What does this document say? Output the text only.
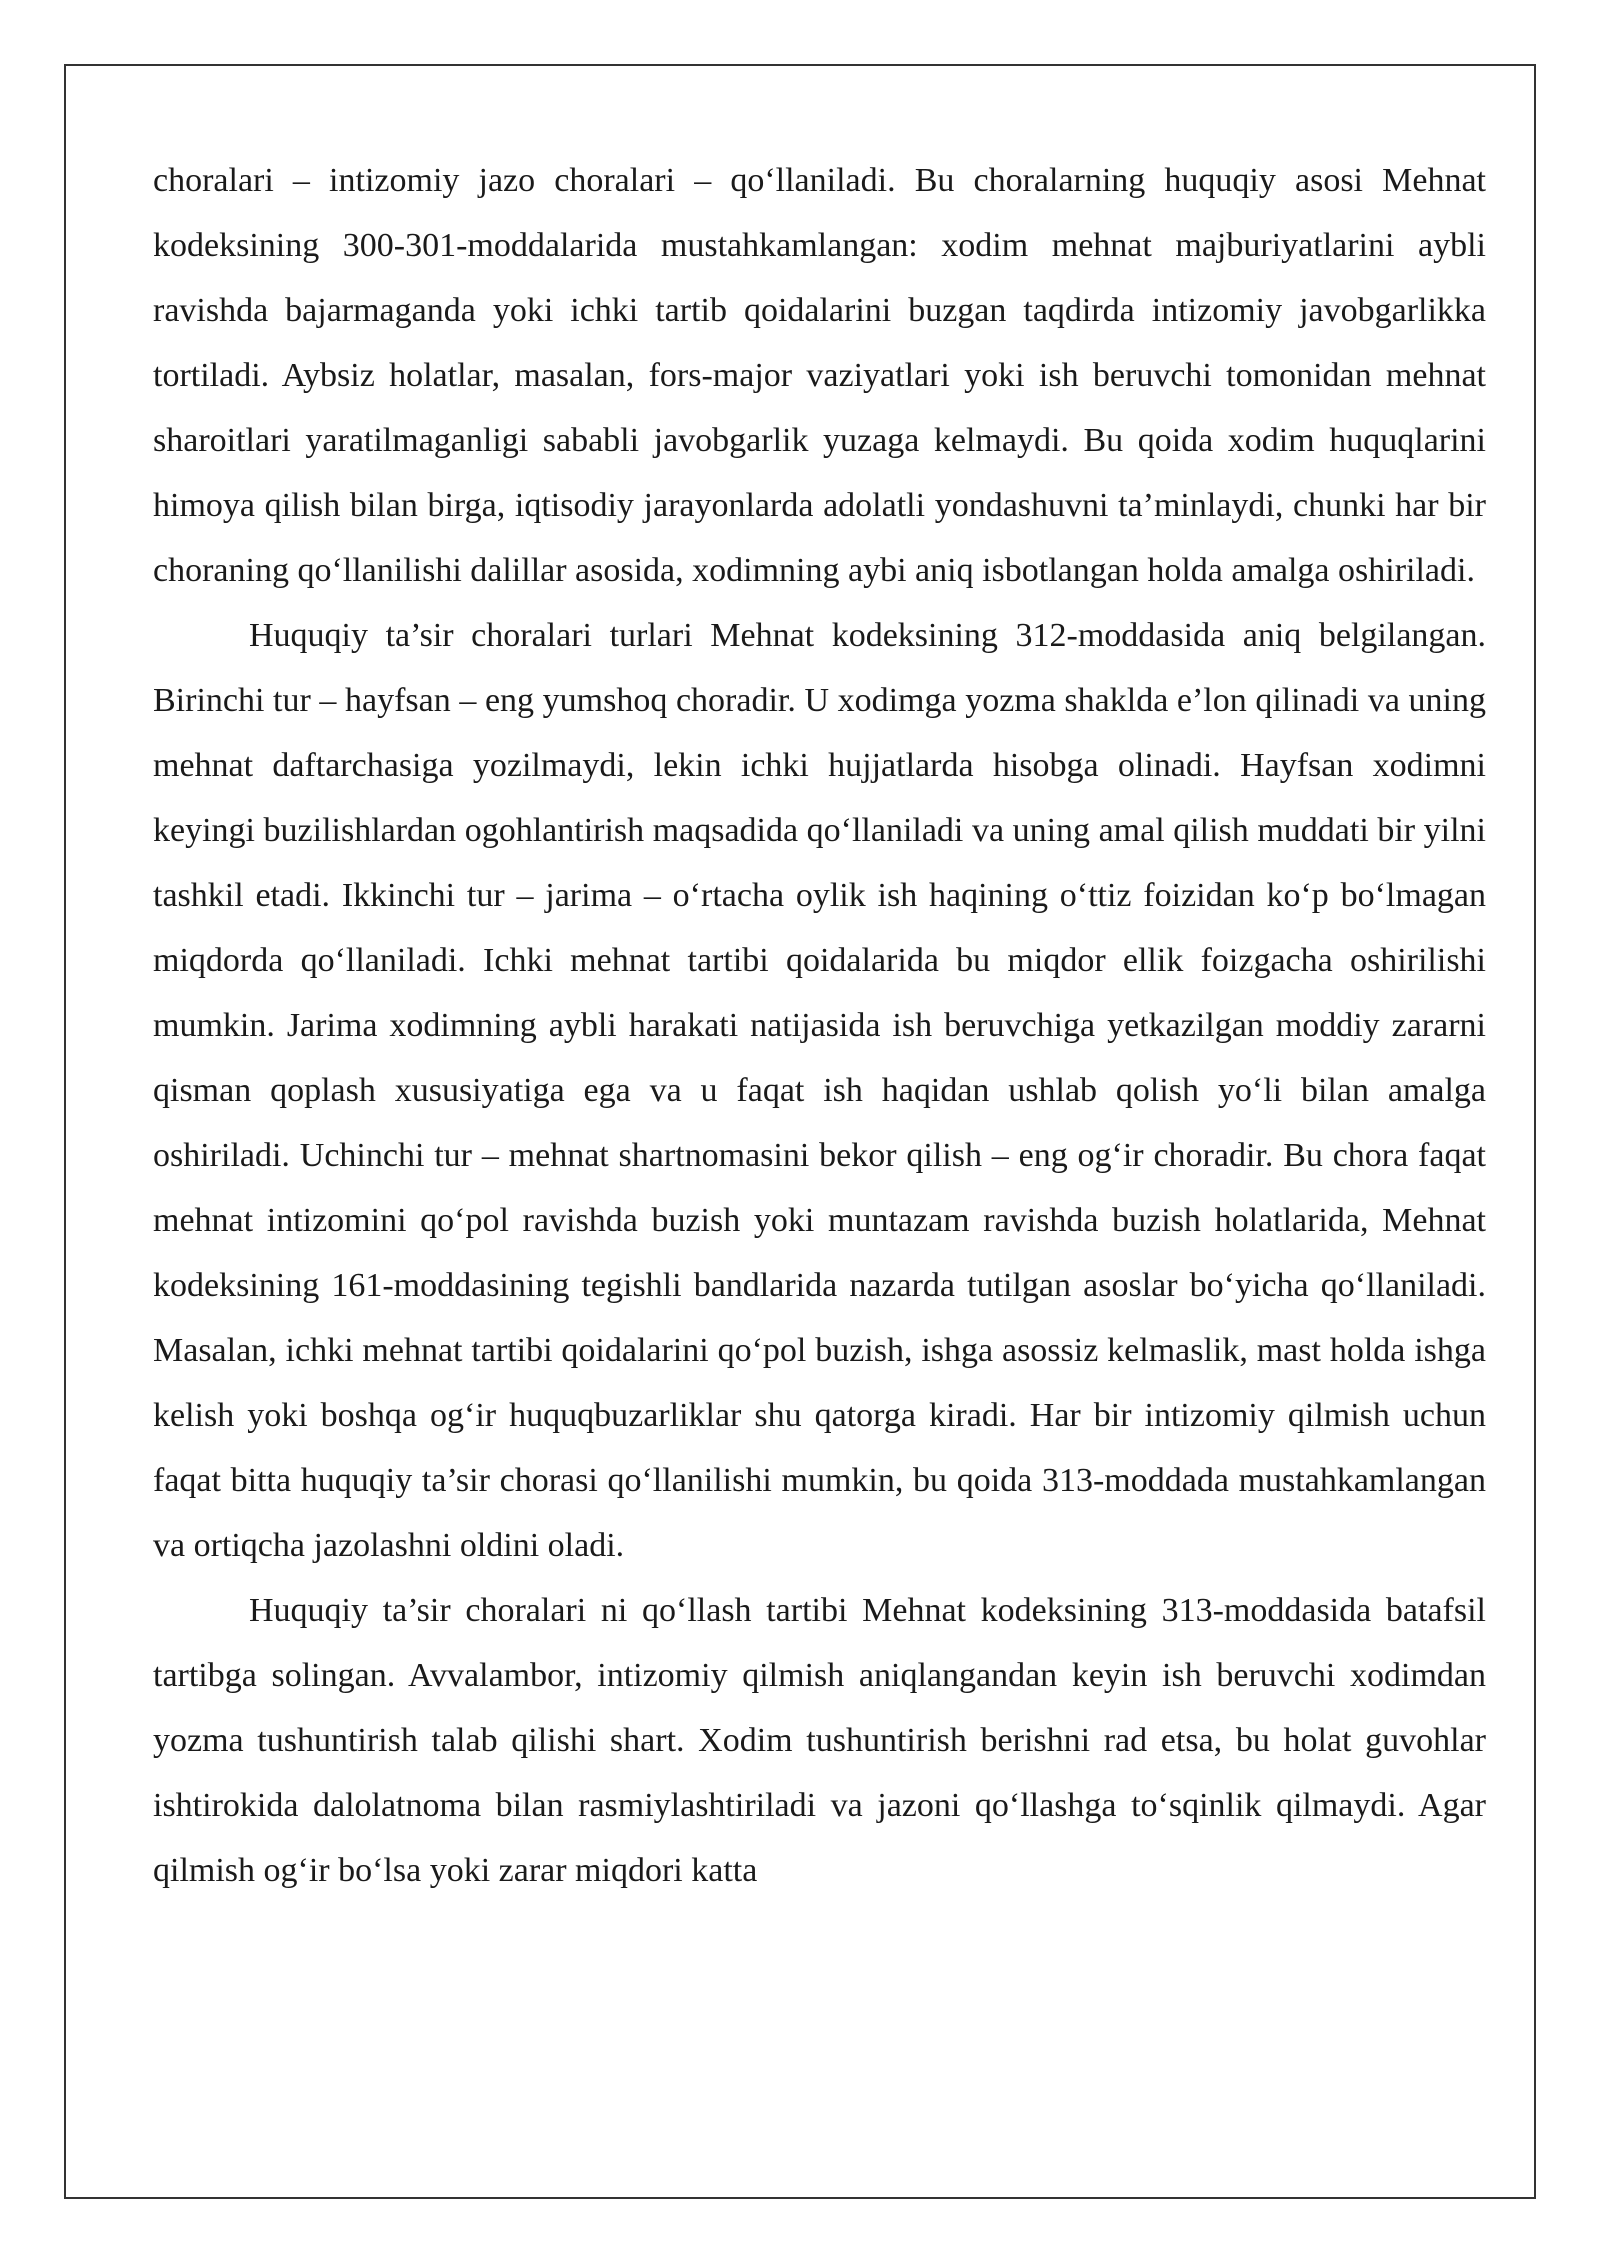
choralari – intizomiy jazo choralari – qo‘llaniladi. Bu choralarning huquqiy asosi Mehnat kodeksining 300-301-moddalarida mustahkamlangan: xodim mehnat majburiyatlarini aybli ravishda bajarmaganda yoki ichki tartib qoidalarini buzgan taqdirda intizomiy javobgarlikka tortiladi. Aybsiz holatlar, masalan, fors-major vaziyatlari yoki ish beruvchi tomonidan mehnat sharoitlari yaratilmaganligi sababli javobgarlik yuzaga kelmaydi. Bu qoida xodim huquqlarini himoya qilish bilan birga, iqtisodiy jarayonlarda adolatli yondashuvni ta’minlaydi, chunki har bir choraning qo‘llanilishi dalillar asosida, xodimning aybi aniq isbotlangan holda amalga oshiriladi.

Huquqiy ta’sir choralari turlari Mehnat kodeksining 312-moddasida aniq belgilangan. Birinchi tur – hayfsan – eng yumshoq choradir. U xodimga yozma shaklda e’lon qilinadi va uning mehnat daftarchasiga yozilmaydi, lekin ichki hujjatlarda hisobga olinadi. Hayfsan xodimni keyingi buzilishlardan ogohlantirish maqsadida qo‘llaniladi va uning amal qilish muddati bir yilni tashkil etadi. Ikkinchi tur – jarima – o‘rtacha oylik ish haqining o‘ttiz foizidan ko‘p bo‘lmagan miqdorda qo‘llaniladi. Ichki mehnat tartibi qoidalarida bu miqdor ellik foizgacha oshirilishi mumkin. Jarima xodimning aybli harakati natijasida ish beruvchiga yetkazilgan moddiy zararni qisman qoplash xususiyatiga ega va u faqat ish haqidan ushlab qolish yo‘li bilan amalga oshiriladi. Uchinchi tur – mehnat shartnomasini bekor qilish – eng og‘ir choradir. Bu chora faqat mehnat intizomini qo‘pol ravishda buzish yoki muntazam ravishda buzish holatlarida, Mehnat kodeksining 161-moddasining tegishli bandlarida nazarda tutilgan asoslar bo‘yicha qo‘llaniladi. Masalan, ichki mehnat tartibi qoidalarini qo‘pol buzish, ishga asossiz kelmaslik, mast holda ishga kelish yoki boshqa og‘ir huquqbuzarliklar shu qatorga kiradi. Har bir intizomiy qilmish uchun faqat bitta huquqiy ta’sir chorasi qo‘llanilishi mumkin, bu qoida 313-moddada mustahkamlangan va ortiqcha jazolashni oldini oladi.

Huquqiy ta’sir choralari ni qo‘llash tartibi Mehnat kodeksining 313-moddasida batafsil tartibga solingan. Avvalambor, intizomiy qilmish aniqlangandan keyin ish beruvchi xodimdan yozma tushuntirish talab qilishi shart. Xodim tushuntirish berishni rad etsa, bu holat guvohlar ishtirokida dalolatnoma bilan rasmiylashtiriladi va jazoni qo‘llashga to‘sqinlik qilmaydi. Agar qilmish og‘ir bo‘lsa yoki zarar miqdori katta
